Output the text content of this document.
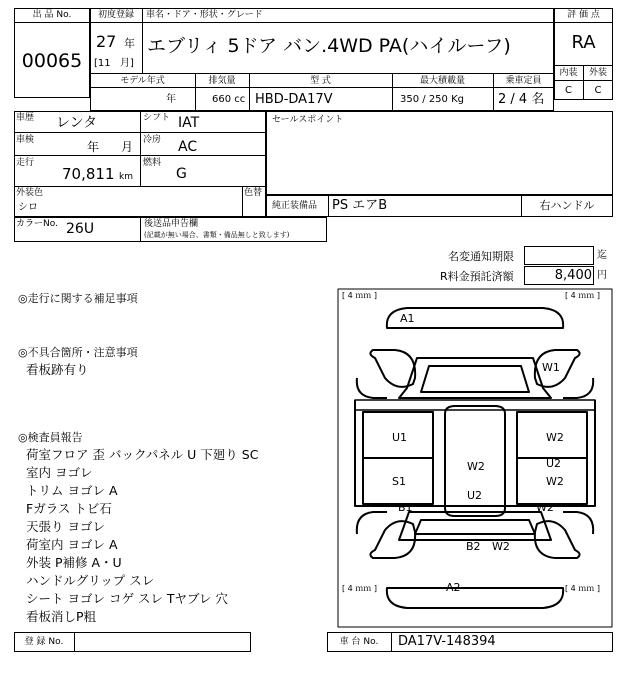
出 品 No.
00065
初度登録	車名・ドア・形状・グレード
27 年
[11 月]
エブリィ 5ドア バン.4WD PA(ハイルーフ)
モデル年式	排気量	型 式	最大積載量	乗車定員
年	660 cc HBD-DA17V	350 / 250 Kg	2 / 4 名
評 価 点
RA
内装	外装
C	C
車歴 レンタ	シフト IAT
車検	年 月 冷房 AC
走行
70,811 km
燃料
G
外装色
シロ
色替
セールスポイント
純正装備品 PS エアB	右ハンドル
カラーNo. 26U	後送品申告欄
(記載が無い場合、書類・備品無しと致します)
名変通知期限	迄
R料金預託済額	8,400 円
◎走行に関する補足事項
◎不具合箇所・注意事項
看板跡有り
◎検査員報告
荷室フロア 歪 バックパネル U 下廻り SC
室内 ヨゴレ
トリム ヨゴレ A
Fガラス トビ石
天張り ヨゴレ
荷室内 ヨゴレ A
外装 P補修 A・U
ハンドルグリップ スレ
シート ヨゴレ コゲ スレ Tヤブレ 穴
看板消しP粗
[ 4 ｍｍ ]	[ 4 ｍｍ ]
[ 4 ｍｍ ]	[ 4 ｍｍ ]
A1
W1
U1	W2
U2
W2
S1	W2
U2
B1	W2
B2 W2
A2
登 録 No.	車 台 No.	DA17V-148394
